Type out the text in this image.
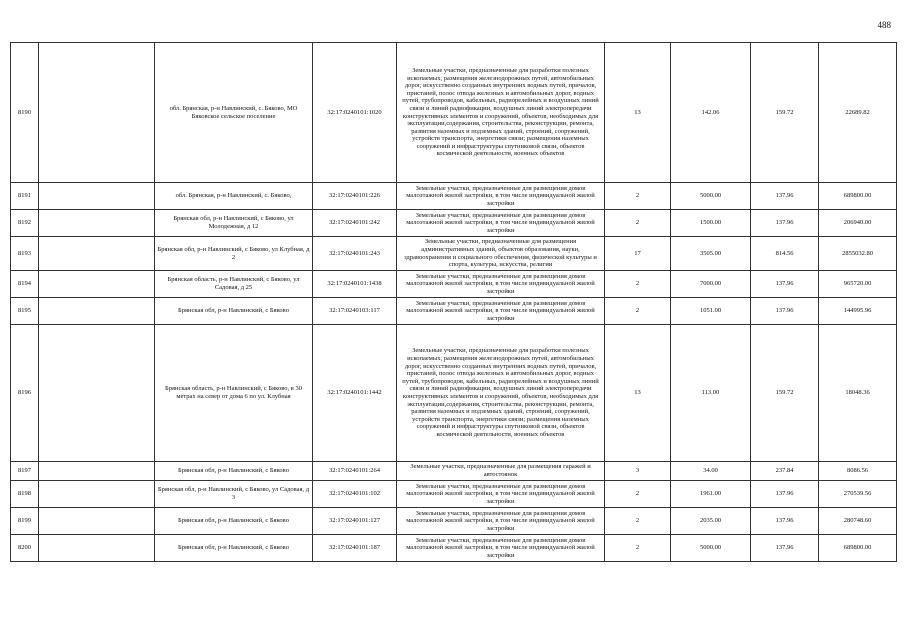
488
8190		обл. Брянская, р-н Навлинский, с. Бяково, МО Бяковское сельское поселение	32:17:0240101:1020	Земельные участки, предназначенные для разработки полезных ископаемых, размещения железнодорожных путей, автомобильных дорог, искусственно созданных внутренних водных путей, причалов, пристаней, полос отвода железных и автомобильных дорог, водных путей, трубопроводов, кабельных, радиорелейных и воздушных линий связи и линий радиофикации, воздушных линий электропередачи конструктивных элементов и сооружений, объектов, необходимых для эксплуатации,содержания, строительства, реконструкции, ремонта, развития наземных и подземных зданий, строений, сооружений, устройств транспорта, энергетики связи; размещения наземных сооружений и инфраструктуры спутниковой связи, объектов космической деятельности, военных объектов	13	142.06	159.72	22689.82
8191		обл. Брянская, р-н Навлинский, с. Бяково,	32:17:0240101:226	Земельные участки, предназначенные для размещения домов малоэтажной жилой застройки, в том числе индивидуальной жилой застройки	2	5000.00	137.96	689800.00
8192		Брянская обл, р-н Навлинский, с Бяково, ул Молодежная, д 12	32:17:0240101:242	Земельные участки, предназначенные для размещения домов малоэтажной жилой застройки, в том числе индивидуальной жилой застройки	2	1500.00	137.96	206940.00
8193		Брянская обл, р-н Навлинский, с Бяково, ул Клубная, д 2	32:17:0240101:243	Земельные участки, предназначенные для размещения административных зданий, объектов образования, науки, здравоохранения и социального обеспечения, физической культуры и спорта, культуры, искусства, религии	17	3505.00	814.56	2855032.80
8194		Брянская область, р-н Навлинский, с Бяково, ул Садовая, д 25	32:17:0240101:1438	Земельные участки, предназначенные для размещения домов малоэтажной жилой застройки, в том числе индивидуальной жилой застройки	2	7000.00	137.96	965720.00
8195		Брянская обл, р-н Навлинский, с Бяково	32:17:0240103:117	Земельные участки, предназначенные для размещения домов малоэтажной жилой застройки, в том числе индивидуальной жилой застройки	2	1051.00	137.96	144995.96
8196		Брянская область, р-н Навлинский, с Бяково, в 30 метрах на север от дома 6 по ул. Клубная	32:17:0240101:1442	Земельные участки, предназначенные для разработки полезных ископаемых, размещения железнодорожных путей, автомобильных дорог, искусственно созданных внутренних водных путей, причалов, пристаней, полос отвода железных и автомобильных дорог, водных путей, трубопроводов, кабельных, радиорелейных и воздушных линий связи и линий радиофикации, воздушных линий электропередачи конструктивных элементов и сооружений, объектов, необходимых для эксплуатации,содержания, строительства, реконструкции, ремонта, развития наземных и подземных зданий, строений, сооружений, устройств транспорта, энергетики связи; размещения наземных сооружений и инфраструктуры спутниковой связи, объектов космической деятельности, военных объектов	13	113.00	159.72	18048.36
8197		Брянская обл, р-н Навлинский, с Бяково	32:17:0240101:264	Земельные участки, предназначенные для размещения гаражей и автостоянок	3	34.00	237.84	8086.56
8198		Брянская обл, р-н Навлинский, с Бяково, ул Садовая, д 3	32:17:0240101:102	Земельные участки, предназначенные для размещения домов малоэтажной жилой застройки, в том числе индивидуальной жилой застройки	2	1961.00	137.96	270539.56
8199		Брянская обл, р-н Навлинский, с Бяково	32:17:0240101:127	Земельные участки, предназначенные для размещения домов малоэтажной жилой застройки, в том числе индивидуальной жилой застройки	2	2035.00	137.96	280748.60
8200		Брянская обл, р-н Навлинский, с Бяково	32:17:0240101:187	Земельные участки, предназначенные для размещения домов малоэтажной жилой застройки, в том числе индивидуальной жилой застройки	2	5000.00	137.96	689800.00
